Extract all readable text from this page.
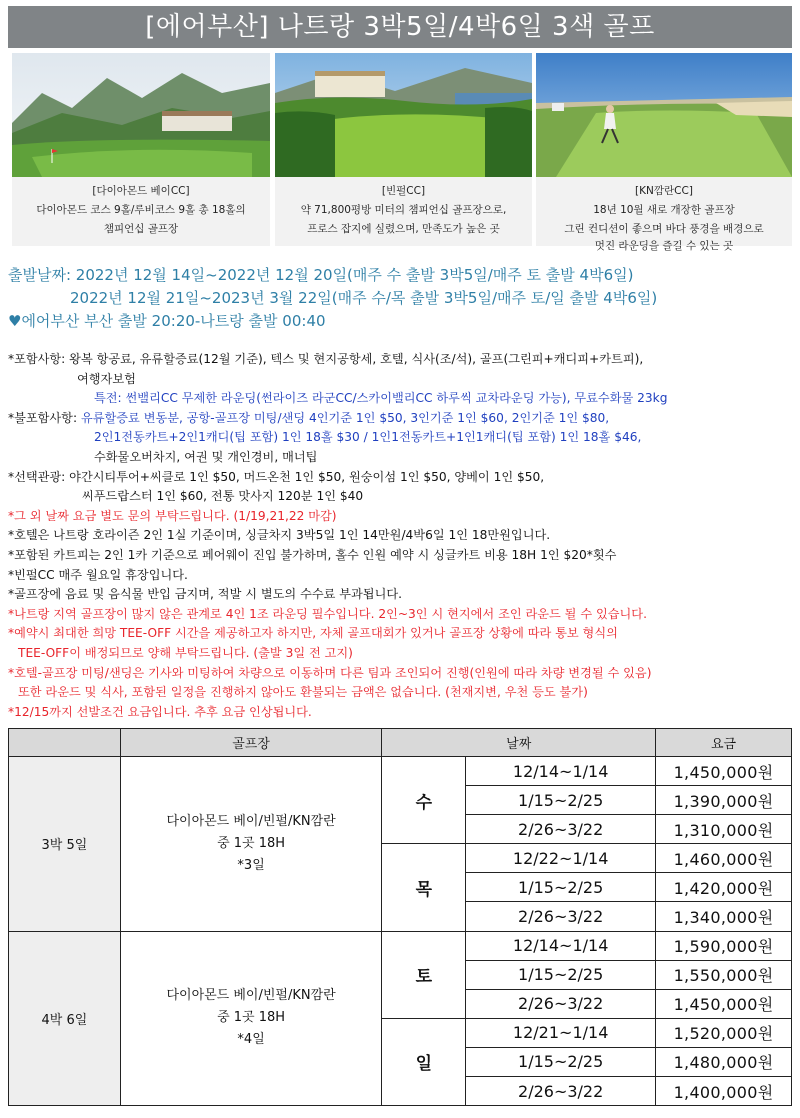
[에어부산] 나트랑 3박5일/4박6일 3색 골프
[다이아몬드 베이CC]
다이아몬드 코스 9홀/루비코스 9홀 총 18홀의
챔피언십 골프장
[빈펄CC]
약 71,800평방 미터의 챔피언십 골프장으로,
프로스 잡지에 실렸으며, 만족도가 높은 곳
[KN깜란CC]
18년 10월 새로 개장한 골프장
그린 컨디션이 좋으며 바다 풍경을 배경으로
멋진 라운딩을 즐길 수 있는 곳
출발날짜: 2022년 12월 14일~2022년 12월 20일(매주 수 출발 3박5일/매주 토 출발 4박6일)
2022년 12월 21일~2023년 3월 22일(매주 수/목 출발 3박5일/매주 토/일 출발 4박6일)
♥에어부산 부산 출발 20:20-나트랑 출발 00:40
*포함사항: 왕복 항공료, 유류할증료(12월 기준), 텍스 및 현지공항세, 호텔, 식사(조/석), 골프(그린피+캐디피+카트피),
여행자보험
특전: 썬밸리CC 무제한 라운딩(썬라이즈 라군CC/스카이밸리CC 하루씩 교차라운딩 가능), 무료수화물 23kg
*불포함사항: 유류할증료 변동분, 공항-골프장 미팅/샌딩 4인기준 1인 $50, 3인기준 1인 $60, 2인기준 1인 $80,
2인1전동카트+2인1캐디(팁 포함) 1인 18홀 $30 / 1인1전동카트+1인1캐디(팁 포함) 1인 18홀 $46,
수화물오버차지, 여권 및 개인경비, 매너팁
*선택관광: 야간시티투어+씨클로 1인 $50, 머드온천 1인 $50, 원숭이섬 1인 $50, 양베이 1인 $50,
씨푸드랍스터 1인 $60, 전통 맛사지 120분 1인 $40
*그 외 날짜 요금 별도 문의 부탁드립니다. (1/19,21,22 마감)
*호텔은 나트랑 호라이즌 2인 1실 기준이며, 싱글차지 3박5일 1인 14만원/4박6일 1인 18만원입니다.
*포함된 카트피는 2인 1카 기준으로 페어웨이 진입 불가하며, 홀수 인원 예약 시 싱글카트 비용 18H 1인 $20*횟수
*빈펄CC 매주 월요일 휴장입니다.
*골프장에 음료 및 음식물 반입 금지며, 적발 시 별도의 수수료 부과됩니다.
*나트랑 지역 골프장이 많지 않은 관계로 4인 1조 라운딩 필수입니다. 2인~3인 시 현지에서 조인 라운드 될 수 있습니다.
*예약시 최대한 희망 TEE-OFF 시간을 제공하고자 하지만, 자체 골프대회가 있거나 골프장 상황에 따라 통보 형식의
TEE-OFF이 배정되므로 양해 부탁드립니다. (출발 3일 전 고지)
*호텔-골프장 미팅/샌딩은 기사와 미팅하여 차량으로 이동하며 다른 팀과 조인되어 진행(인원에 따라 차량 변경될 수 있음)
또한 라운드 및 식사, 포함된 일정을 진행하지 않아도 환불되는 금액은 없습니다. (천재지변, 우천 등도 불가)
*12/15까지 선발조건 요금입니다. 추후 요금 인상됩니다.
	골프장	날짜		요금
3박 5일	다이아몬드 베이/빈펄/KN깜란
중 1곳 18H
*3일	수	12/14~1/14	1,450,000원
			1/15~2/25	1,390,000원
			2/26~3/22	1,310,000원
		목	12/22~1/14	1,460,000원
			1/15~2/25	1,420,000원
			2/26~3/22	1,340,000원
4박 6일	다이아몬드 베이/빈펄/KN깜란
중 1곳 18H
*4일	토	12/14~1/14	1,590,000원
			1/15~2/25	1,550,000원
			2/26~3/22	1,450,000원
		일	12/21~1/14	1,520,000원
			1/15~2/25	1,480,000원
			2/26~3/22	1,400,000원
